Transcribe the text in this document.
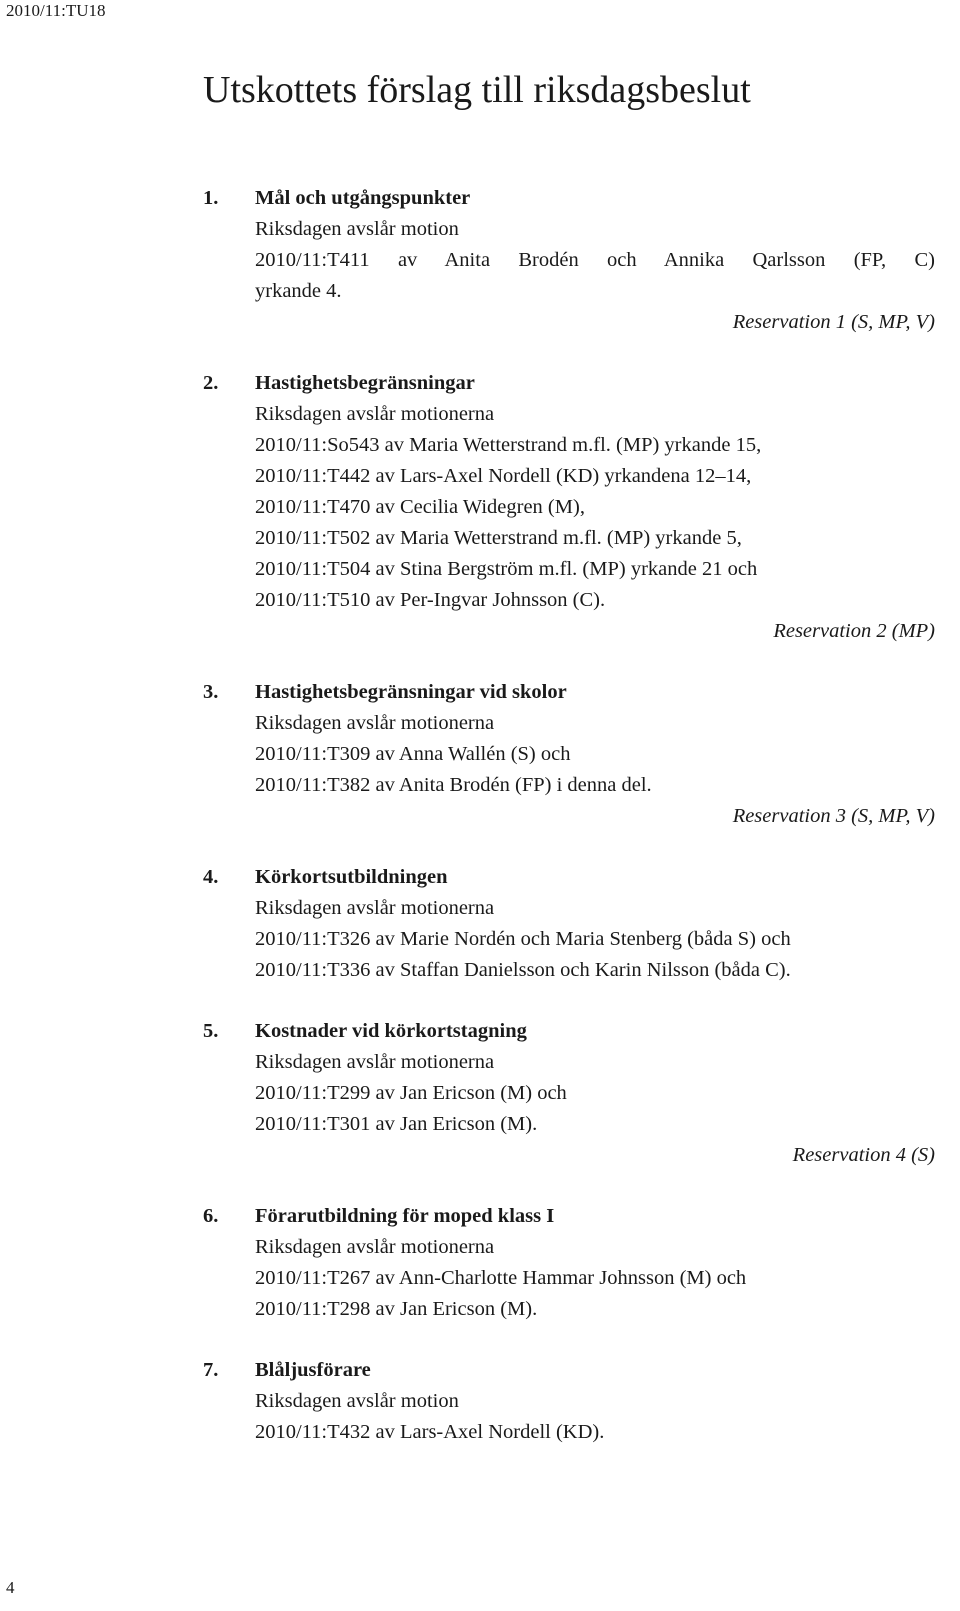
2010/11:TU18
Utskottets förslag till riksdagsbeslut
1. Mål och utgångspunkter
Riksdagen avslår motion
2010/11:T411 av Anita Brodén och Annika Qarlsson (FP, C)
yrkande 4.
Reservation 1 (S, MP, V)
2. Hastighetsbegränsningar
Riksdagen avslår motionerna
2010/11:So543 av Maria Wetterstrand m.fl. (MP) yrkande 15,
2010/11:T442 av Lars-Axel Nordell (KD) yrkandena 12–14,
2010/11:T470 av Cecilia Widegren (M),
2010/11:T502 av Maria Wetterstrand m.fl. (MP) yrkande 5,
2010/11:T504 av Stina Bergström m.fl. (MP) yrkande 21 och
2010/11:T510 av Per-Ingvar Johnsson (C).
Reservation 2 (MP)
3. Hastighetsbegränsningar vid skolor
Riksdagen avslår motionerna
2010/11:T309 av Anna Wallén (S) och
2010/11:T382 av Anita Brodén (FP) i denna del.
Reservation 3 (S, MP, V)
4. Körkortsutbildningen
Riksdagen avslår motionerna
2010/11:T326 av Marie Nordén och Maria Stenberg (båda S) och
2010/11:T336 av Staffan Danielsson och Karin Nilsson (båda C).
5. Kostnader vid körkortstagning
Riksdagen avslår motionerna
2010/11:T299 av Jan Ericson (M) och
2010/11:T301 av Jan Ericson (M).
Reservation 4 (S)
6. Förarutbildning för moped klass I
Riksdagen avslår motionerna
2010/11:T267 av Ann-Charlotte Hammar Johnsson (M) och
2010/11:T298 av Jan Ericson (M).
7. Blåljusförare
Riksdagen avslår motion
2010/11:T432 av Lars-Axel Nordell (KD).
4
